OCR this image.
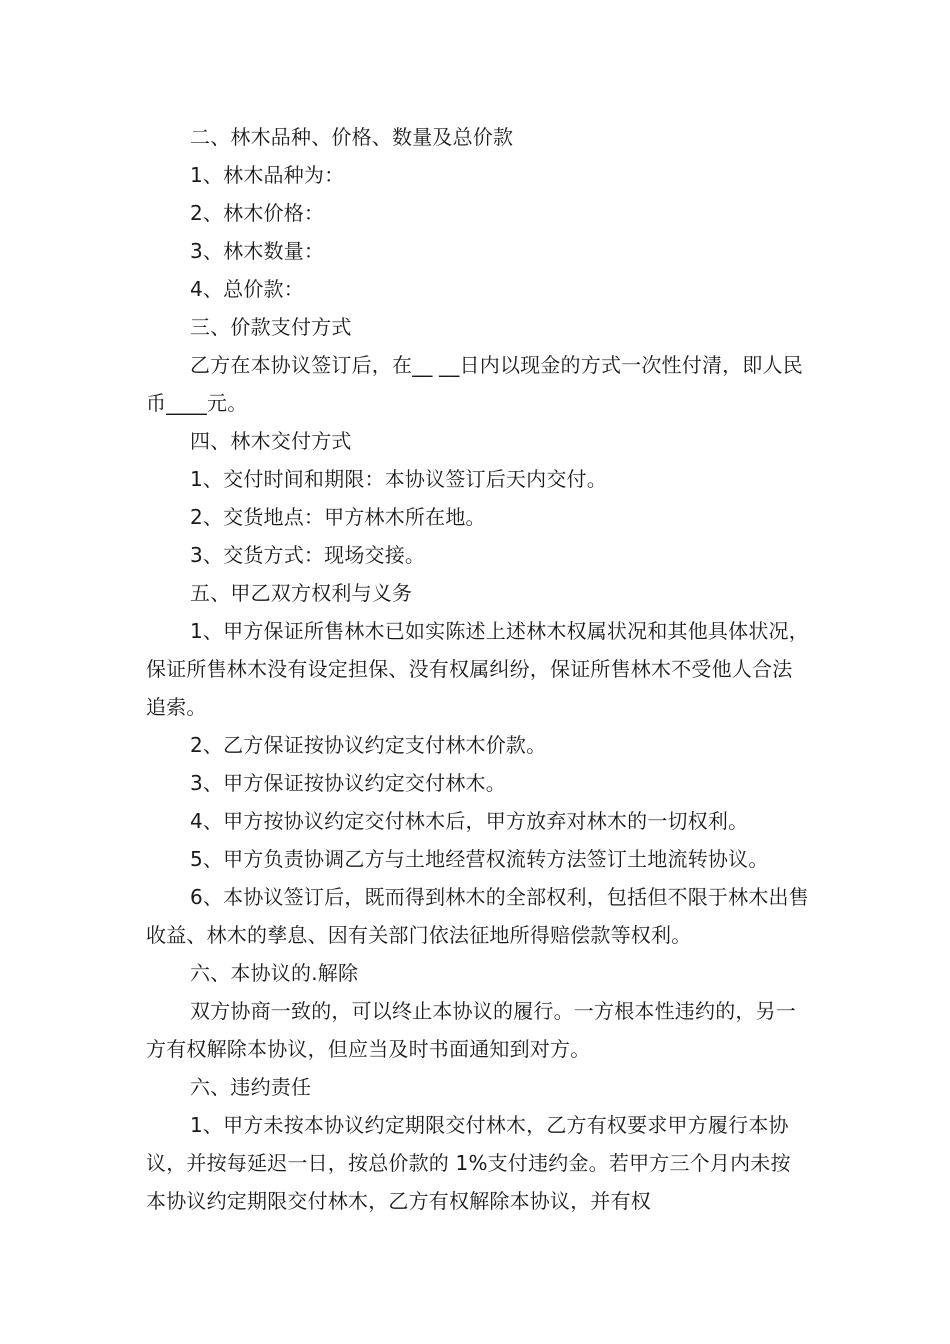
二、林木品种、价格、数量及总价款

1、林木品种为：

2、林木价格：

3、林木数量：

4、总价款：

三、价款支付方式

乙方在本协议签订后，在__ __日内以现金的方式一次性付清，即人民币____元。

四、林木交付方式

1、交付时间和期限：本协议签订后天内交付。

2、交货地点：甲方林木所在地。

3、交货方式：现场交接。

五、甲乙双方权利与义务

1、甲方保证所售林木已如实陈述上述林木权属状况和其他具体状况，保证所售林木没有设定担保、没有权属纠纷，保证所售林木不受他人合法追索。

2、乙方保证按协议约定支付林木价款。

3、甲方保证按协议约定交付林木。

4、甲方按协议约定交付林木后，甲方放弃对林木的一切权利。

5、甲方负责协调乙方与土地经营权流转方法签订土地流转协议。

6、本协议签订后，既而得到林木的全部权利，包括但不限于林木出售收益、林木的孳息、因有关部门依法征地所得赔偿款等权利。

六、本协议的.解除

双方协商一致的，可以终止本协议的履行。一方根本性违约的，另一方有权解除本协议，但应当及时书面通知到对方。

六、违约责任

1、甲方未按本协议约定期限交付林木，乙方有权要求甲方履行本协议，并按每延迟一日，按总价款的 1%支付违约金。若甲方三个月内未按本协议约定期限交付林木，乙方有权解除本协议，并有权
